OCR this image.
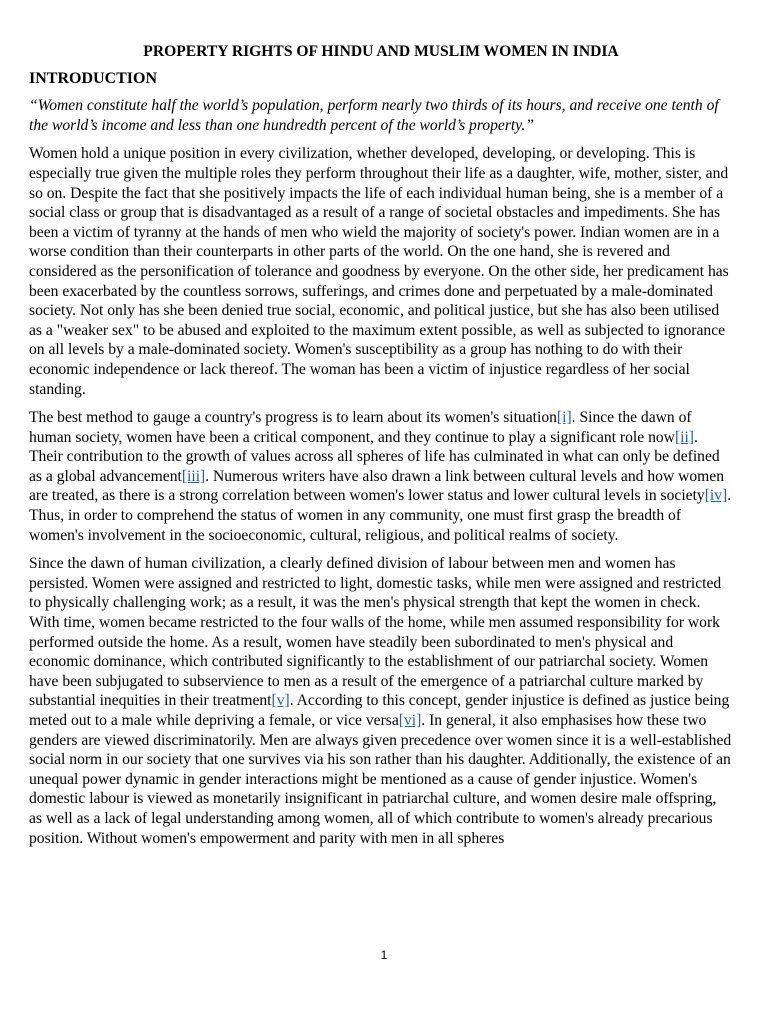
PROPERTY RIGHTS OF HINDU AND MUSLIM WOMEN IN INDIA
INTRODUCTION
“Women constitute half the world’s population, perform nearly two thirds of its hours, and receive one tenth of the world’s income and less than one hundredth percent of the world’s property.”
Women hold a unique position in every civilization, whether developed, developing, or developing. This is especially true given the multiple roles they perform throughout their life as a daughter, wife, mother, sister, and so on. Despite the fact that she positively impacts the life of each individual human being, she is a member of a social class or group that is disadvantaged as a result of a range of societal obstacles and impediments. She has been a victim of tyranny at the hands of men who wield the majority of society's power. Indian women are in a worse condition than their counterparts in other parts of the world. On the one hand, she is revered and considered as the personification of tolerance and goodness by everyone. On the other side, her predicament has been exacerbated by the countless sorrows, sufferings, and crimes done and perpetuated by a male-dominated society. Not only has she been denied true social, economic, and political justice, but she has also been utilised as a "weaker sex" to be abused and exploited to the maximum extent possible, as well as subjected to ignorance on all levels by a male-dominated society. Women's susceptibility as a group has nothing to do with their economic independence or lack thereof. The woman has been a victim of injustice regardless of her social standing.
The best method to gauge a country's progress is to learn about its women's situation[i]. Since the dawn of human society, women have been a critical component, and they continue to play a significant role now[ii]. Their contribution to the growth of values across all spheres of life has culminated in what can only be defined as a global advancement[iii]. Numerous writers have also drawn a link between cultural levels and how women are treated, as there is a strong correlation between women's lower status and lower cultural levels in society[iv]. Thus, in order to comprehend the status of women in any community, one must first grasp the breadth of women's involvement in the socioeconomic, cultural, religious, and political realms of society.
Since the dawn of human civilization, a clearly defined division of labour between men and women has persisted. Women were assigned and restricted to light, domestic tasks, while men were assigned and restricted to physically challenging work; as a result, it was the men's physical strength that kept the women in check. With time, women became restricted to the four walls of the home, while men assumed responsibility for work performed outside the home. As a result, women have steadily been subordinated to men's physical and economic dominance, which contributed significantly to the establishment of our patriarchal society. Women have been subjugated to subservience to men as a result of the emergence of a patriarchal culture marked by substantial inequities in their treatment[v]. According to this concept, gender injustice is defined as justice being meted out to a male while depriving a female, or vice versa[vi]. In general, it also emphasises how these two genders are viewed discriminatorily. Men are always given precedence over women since it is a well-established social norm in our society that one survives via his son rather than his daughter. Additionally, the existence of an unequal power dynamic in gender interactions might be mentioned as a cause of gender injustice. Women's domestic labour is viewed as monetarily insignificant in patriarchal culture, and women desire male offspring, as well as a lack of legal understanding among women, all of which contribute to women's already precarious position. Without women's empowerment and parity with men in all spheres
1
